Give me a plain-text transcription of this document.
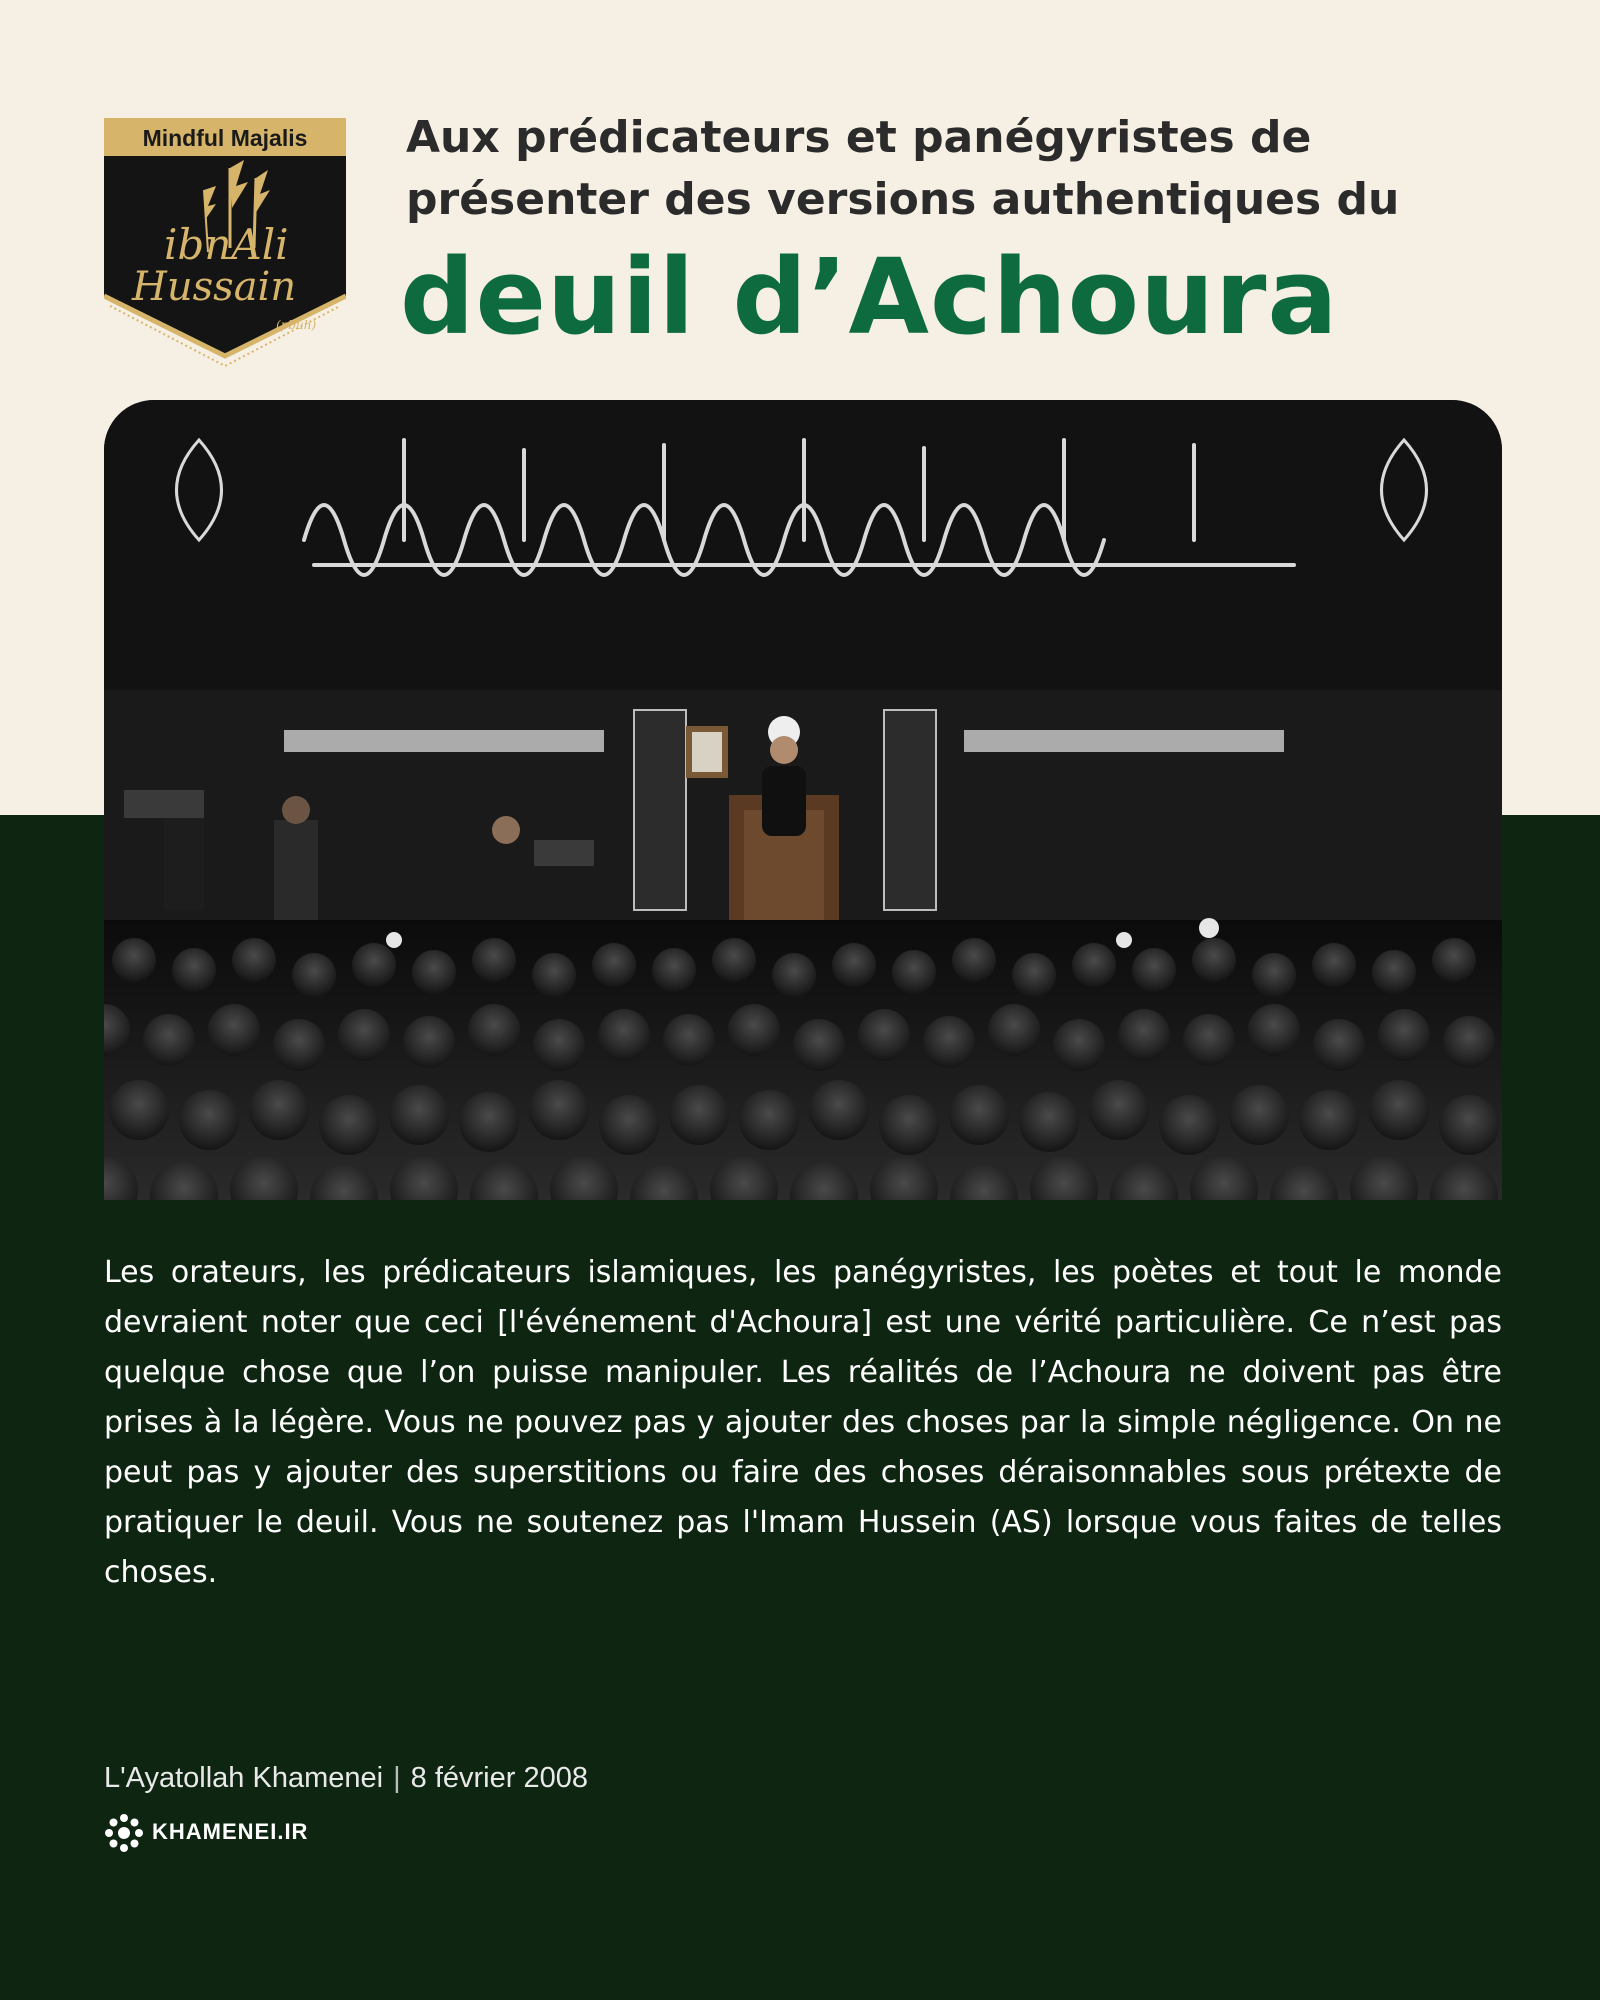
Mindful Majalis
ibnAli
Hussain
(pbuh)
Aux prédicateurs et panégyristes de
présenter des versions authentiques du
deuil d’Achoura
Les orateurs, les prédicateurs islamiques, les panégyristes, les poètes et tout le monde devraient noter que ceci [l'événement d'Achoura] est une vérité particulière. Ce n’est pas quelque chose que l’on puisse manipuler. Les réalités de l’Achoura ne doivent pas être prises à la légère. Vous ne pouvez pas y ajouter des choses par la simple négligence. On ne peut pas y ajouter des superstitions ou faire des choses déraisonnables sous prétexte de pratiquer le deuil. Vous ne soutenez pas l'Imam Hussein (AS) lorsque vous faites de telles choses.
L'Ayatollah Khamenei | 8 février 2008
KHAMENEI.IR
